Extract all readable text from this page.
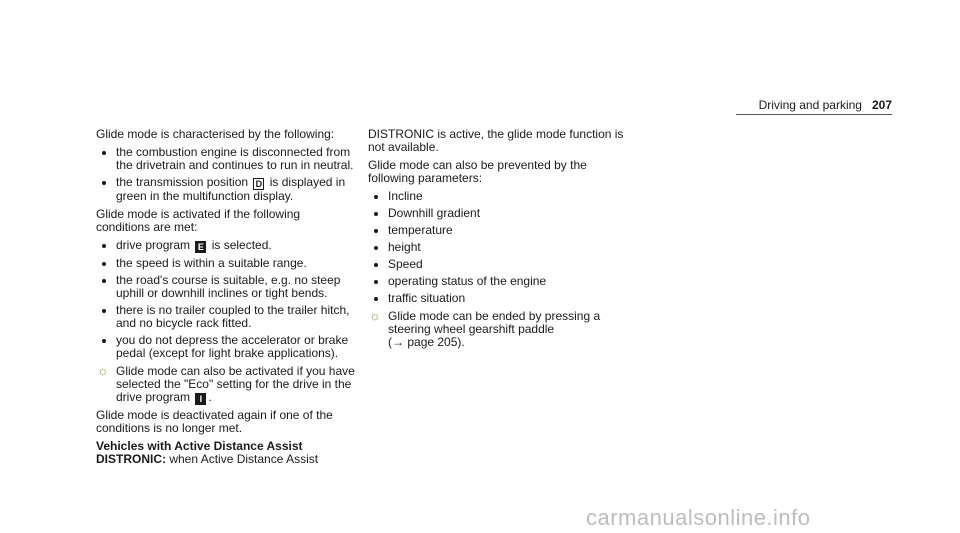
Driving and parking 207

Glide mode is characterised by the following:

the combustion engine is disconnected from the drivetrain and continues to run in neutral.
the transmission position D is displayed in green in the multifunction display.

Glide mode is activated if the following conditions are met:

drive program E is selected.
the speed is within a suitable range.
the road's course is suitable, e.g. no steep uphill or downhill inclines or tight bends.
there is no trailer coupled to the trailer hitch, and no bicycle rack fitted.
you do not depress the accelerator or brake pedal (except for light brake applications).
☼ Glide mode can also be activated if you have selected the "Eco" setting for the drive in the drive program I .

Glide mode is deactivated again if one of the conditions is no longer met.

Vehicles with Active Distance Assist
DISTRONIC: when Active Distance Assist

DISTRONIC is active, the glide mode function is not available.

Glide mode can also be prevented by the following parameters:

Incline
Downhill gradient
temperature
height
Speed
operating status of the engine
traffic situation
☼ Glide mode can be ended by pressing a steering wheel gearshift paddle
(→ page 205).
carmanualsonline.info
